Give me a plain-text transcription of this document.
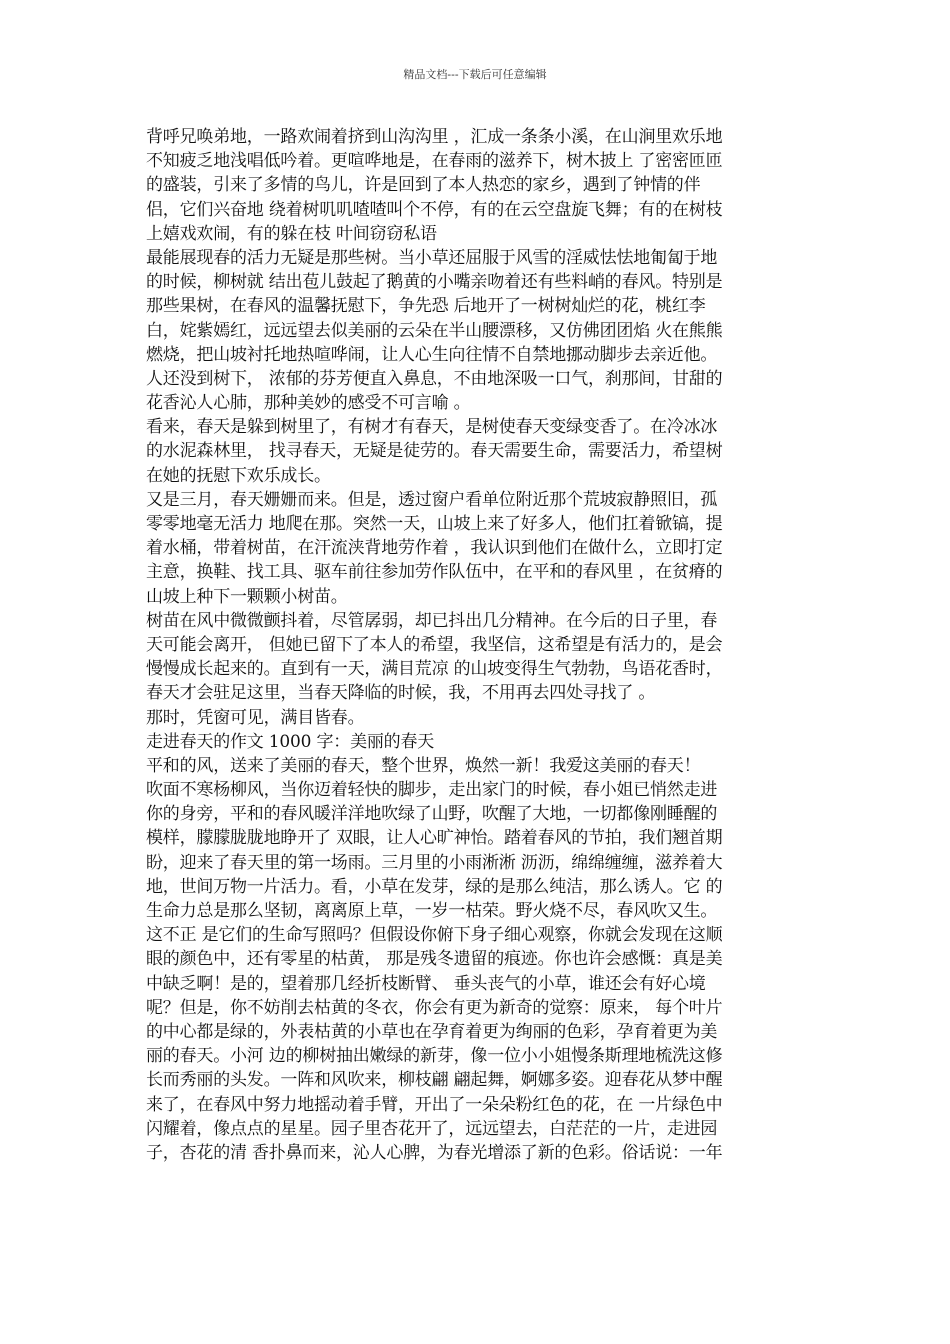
精品文档---下载后可任意编辑
背呼兄唤弟地，一路欢闹着挤到山沟沟里 ，汇成一条条小溪，在山涧里欢乐地
不知疲乏地浅唱低吟着。更喧哗地是，在春雨的滋养下，树木披上 了密密匝匝
的盛装，引来了多情的鸟儿，许是回到了本人热恋的家乡，遇到了钟情的伴
侣，它们兴奋地 绕着树叽叽喳喳叫个不停，有的在云空盘旋飞舞；有的在树枝
上嬉戏欢闹，有的躲在枝 叶间窃窃私语
最能展现春的活力无疑是那些树。当小草还屈服于风雪的淫威怯怯地匍匐于地
的时候，柳树就 结出苞儿鼓起了鹅黄的小嘴亲吻着还有些料峭的春风。特别是
那些果树，在春风的温馨抚慰下，争先恐 后地开了一树树灿烂的花，桃红李
白，姹紫嫣红，远远望去似美丽的云朵在半山腰漂移，又仿佛团团焰 火在熊熊
燃烧，把山坡衬托地热喧哗闹，让人心生向往情不自禁地挪动脚步去亲近他。
人还没到树下， 浓郁的芬芳便直入鼻息，不由地深吸一口气，刹那间，甘甜的
花香沁人心肺，那种美妙的感受不可言喻 。
看来，春天是躲到树里了，有树才有春天，是树使春天变绿变香了。在冷冰冰
的水泥森林里， 找寻春天，无疑是徒劳的。春天需要生命，需要活力，希望树
在她的抚慰下欢乐成长。
又是三月，春天姗姗而来。但是，透过窗户看单位附近那个荒坡寂静照旧，孤
零零地毫无活力 地爬在那。突然一天，山坡上来了好多人，他们扛着锨镐，提
着水桶，带着树苗，在汗流浃背地劳作着 ，我认识到他们在做什么，立即打定
主意，换鞋、找工具、驱车前往参加劳作队伍中，在平和的春风里 ，在贫瘠的
山坡上种下一颗颗小树苗。
树苗在风中微微颤抖着，尽管孱弱，却已抖出几分精神。在今后的日子里，春
天可能会离开， 但她已留下了本人的希望，我坚信，这希望是有活力的，是会
慢慢成长起来的。直到有一天，满目荒凉 的山坡变得生气勃勃，鸟语花香时，
春天才会驻足这里，当春天降临的时候，我，不用再去四处寻找了 。
那时，凭窗可见，满目皆春。
走进春天的作文 1000 字：美丽的春天
平和的风，送来了美丽的春天，整个世界，焕然一新！我爱这美丽的春天！
吹面不寒杨柳风，当你迈着轻快的脚步，走出家门的时候，春小姐已悄然走进
你的身旁，平和的春风暖洋洋地吹绿了山野，吹醒了大地，一切都像刚睡醒的
模样，朦朦胧胧地睁开了 双眼，让人心旷神怡。踏着春风的节拍，我们翘首期
盼，迎来了春天里的第一场雨。三月里的小雨淅淅 沥沥，绵绵缠缠，滋养着大
地，世间万物一片活力。看，小草在发芽，绿的是那么纯洁，那么诱人。它 的
生命力总是那么坚韧，离离原上草，一岁一枯荣。野火烧不尽，春风吹又生。
这不正 是它们的生命写照吗？但假设你俯下身子细心观察，你就会发现在这顺
眼的颜色中，还有零星的枯黄， 那是残冬遗留的痕迹。你也许会感慨：真是美
中缺乏啊！是的，望着那几经折枝断臂、 垂头丧气的小草，谁还会有好心境
呢？但是，你不妨削去枯黄的冬衣，你会有更为新奇的觉察：原来， 每个叶片
的中心都是绿的，外表枯黄的小草也在孕育着更为绚丽的色彩，孕育着更为美
丽的春天。小河 边的柳树抽出嫩绿的新芽，像一位小小姐慢条斯理地梳洗这修
长而秀丽的头发。一阵和风吹来，柳枝翩 翩起舞，婀娜多姿。迎春花从梦中醒
来了，在春风中努力地摇动着手臂，开出了一朵朵粉红色的花，在 一片绿色中
闪耀着，像点点的星星。园子里杏花开了，远远望去，白茫茫的一片，走进园
子，杏花的清 香扑鼻而来，沁人心脾，为春光增添了新的色彩。俗话说：一年
